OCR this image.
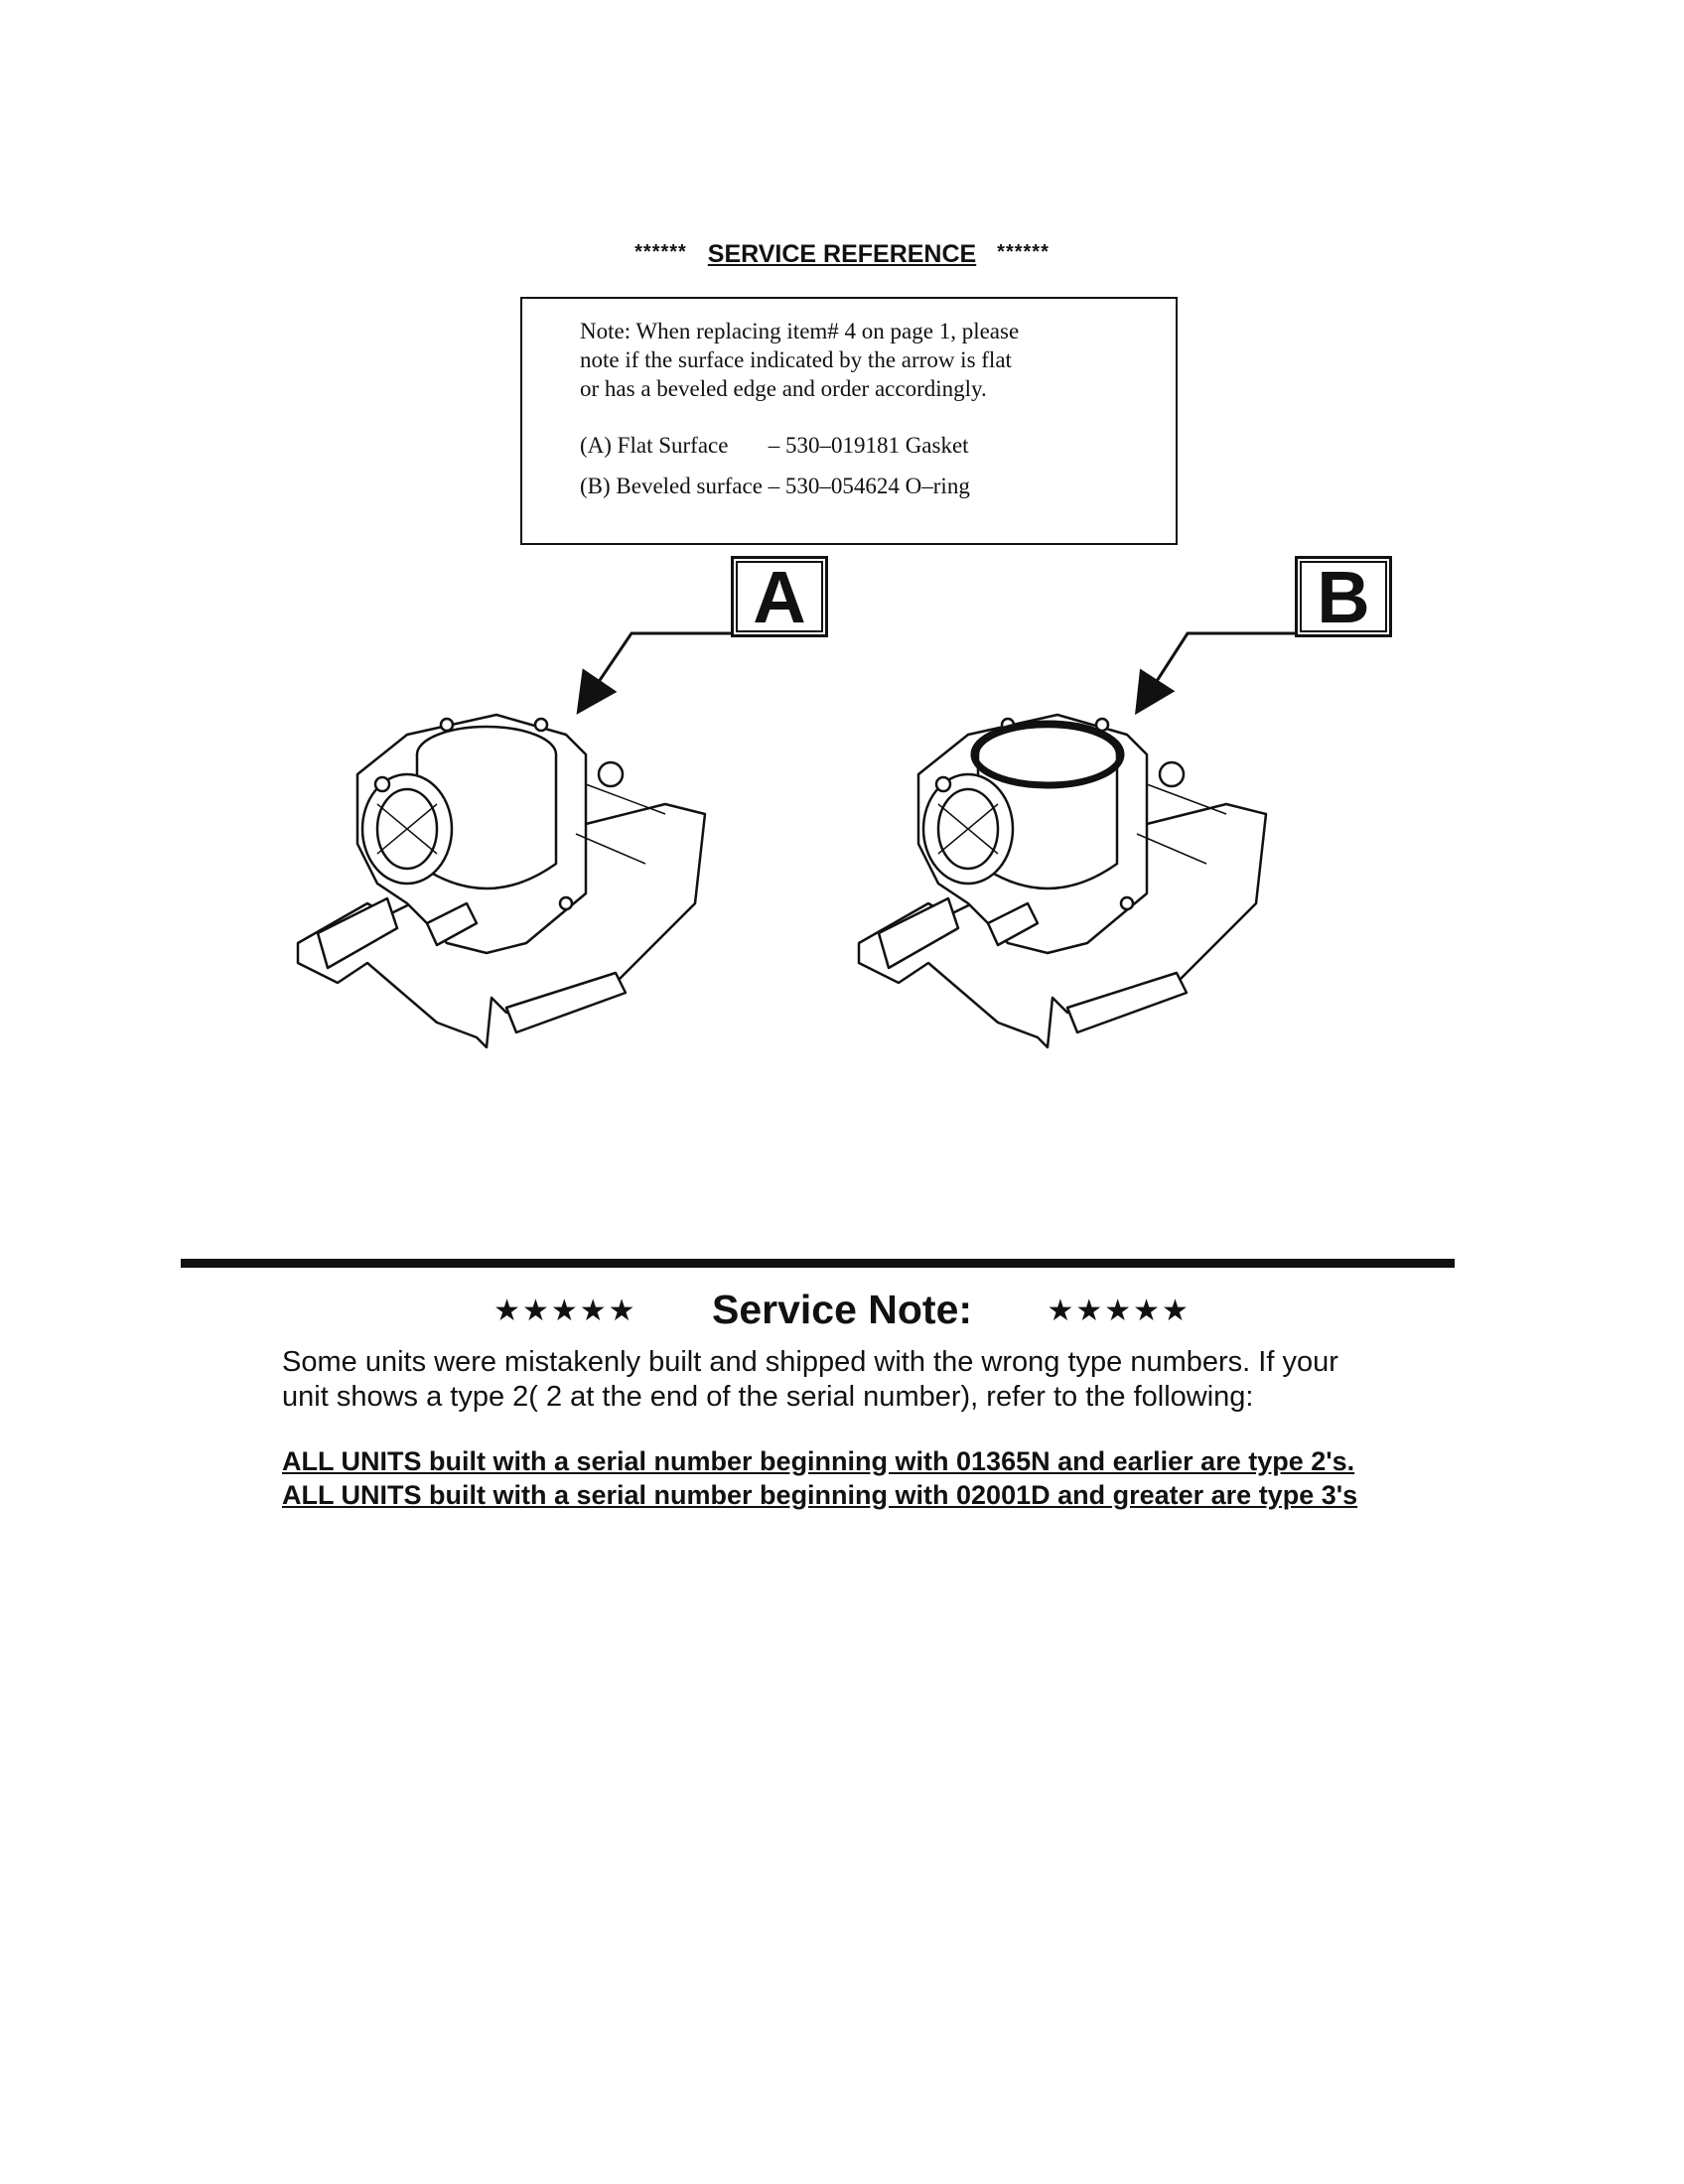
****** SERVICE REFERENCE ******
Note: When replacing item# 4 on page 1, please
note if the surface indicated by the arrow is flat
or has a beveled edge and order accordingly.
(A) Flat Surface       – 530–019181 Gasket
(B) Beveled surface – 530–054624 O–ring
A	B
★★★★★ Service Note:	★★★★★
Some units were mistakenly built and shipped with the wrong type numbers. If your
unit shows a type 2( 2 at the end of the serial number), refer to the following:
ALL UNITS built with a serial number beginning with 01365N and earlier are type 2's.
ALL UNITS built with a serial number beginning with 02001D and greater are type 3's
